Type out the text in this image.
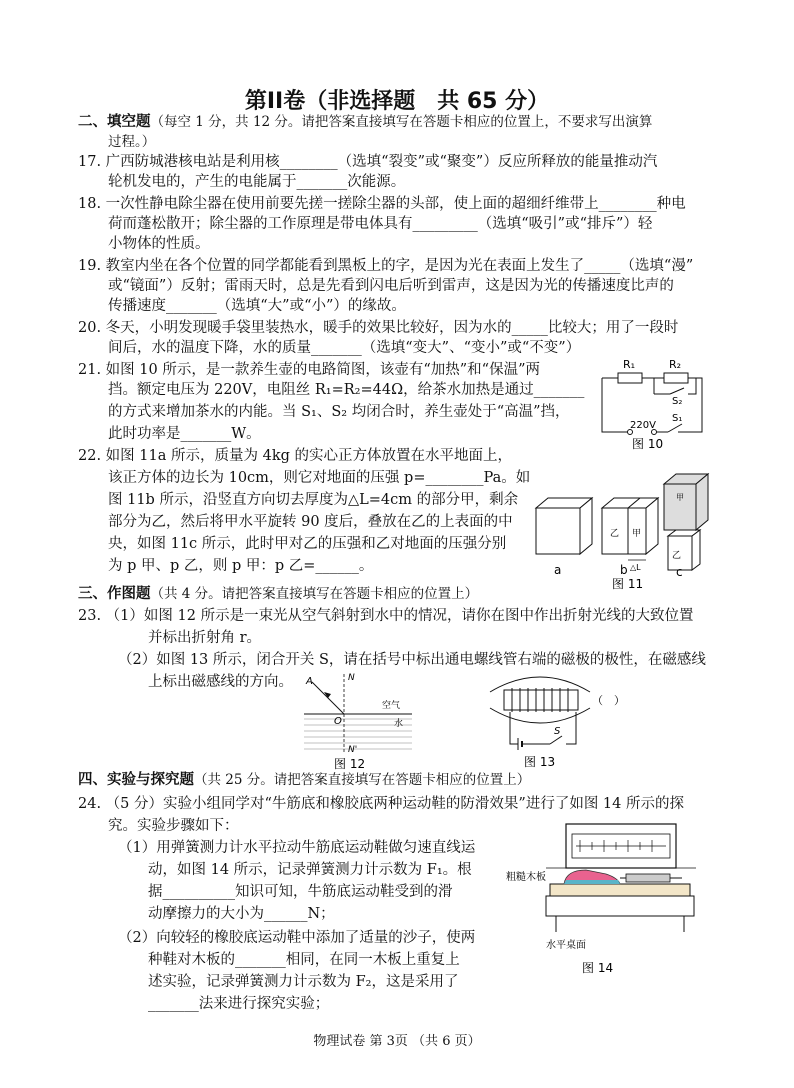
第II卷（非选择题　共 65 分）
二、填空题（每空 1 分，共 12 分。请把答案直接填写在答题卡相应的位置上，不要求写出演算
过程。）
17. 广西防城港核电站是利用核________（选填“裂变”或“聚变”）反应所释放的能量推动汽
轮机发电的，产生的电能属于_______次能源。
18. 一次性静电除尘器在使用前要先搓一搓除尘器的头部，使上面的超细纤维带上________种电
荷而蓬松散开；除尘器的工作原理是带电体具有_________（选填“吸引”或“排斥”）轻
小物体的性质。
19. 教室内坐在各个位置的同学都能看到黑板上的字，是因为光在表面上发生了_____（选填“漫”
或“镜面”）反射；雷雨天时，总是先看到闪电后听到雷声，这是因为光的传播速度比声的
传播速度_______（选填“大”或“小”）的缘故。
20. 冬天，小明发现暖手袋里装热水，暖手的效果比较好，因为水的_____比较大；用了一段时
间后，水的温度下降，水的质量_______（选填“变大”、“变小”或“不变”）
21. 如图 10 所示，是一款养生壶的电路简图，该壶有“加热”和“保温”两
挡。额定电压为 220V，电阻丝 R₁=R₂=44Ω，给茶水加热是通过_______
的方式来增加茶水的内能。当 S₁、S₂ 均闭合时，养生壶处于“高温”挡，
此时功率是_______W。
R₁	R₂
S₂
S₁
220V
图 10
22. 如图 11a 所示，质量为 4kg 的实心正方体放置在水平地面上，
该正方体的边长为 10cm，则它对地面的压强 p=________Pa。如
图 11b 所示，沿竖直方向切去厚度为△L=4cm 的部分甲，剩余
部分为乙，然后将甲水平旋转 90 度后，叠放在乙的上表面的中
央，如图 11c 所示，此时甲对乙的压强和乙对地面的压强分别
为 p 甲、p 乙，则 p 甲：p 乙=______。
乙 甲
△L
乙
甲
a	b	c
图 11
三、作图题（共 4 分。请把答案直接填写在答题卡相应的位置上）
23. （1）如图 12 所示是一束光从空气斜射到水中的情况，请你在图中作出折射光线的大致位置
并标出折射角 r。
（2）如图 13 所示，闭合开关 S，请在括号中标出通电螺线管右端的磁极的极性，在磁感线
上标出磁感线的方向。 A	N
O
N'
空气
水
图 12
（　）
S
图 13
四、实验与探究题（共 25 分。请把答案直接填写在答题卡相应的位置上）
24. （5 分）实验小组同学对“牛筋底和橡胶底两种运动鞋的防滑效果”进行了如图 14 所示的探
究。实验步骤如下：
（1）用弹簧测力计水平拉动牛筋底运动鞋做匀速直线运
动，如图 14 所示，记录弹簧测力计示数为 F₁。根
据__________知识可知，牛筋底运动鞋受到的滑
动摩擦力的大小为______N；
（2）向较轻的橡胶底运动鞋中添加了适量的沙子，使两
种鞋对木板的_______相同，在同一木板上重复上
述实验，记录弹簧测力计示数为 F₂，这是采用了
_______法来进行探究实验；
粗糙木板
水平桌面
图 14
物理试卷 第 3页 （共 6 页）
